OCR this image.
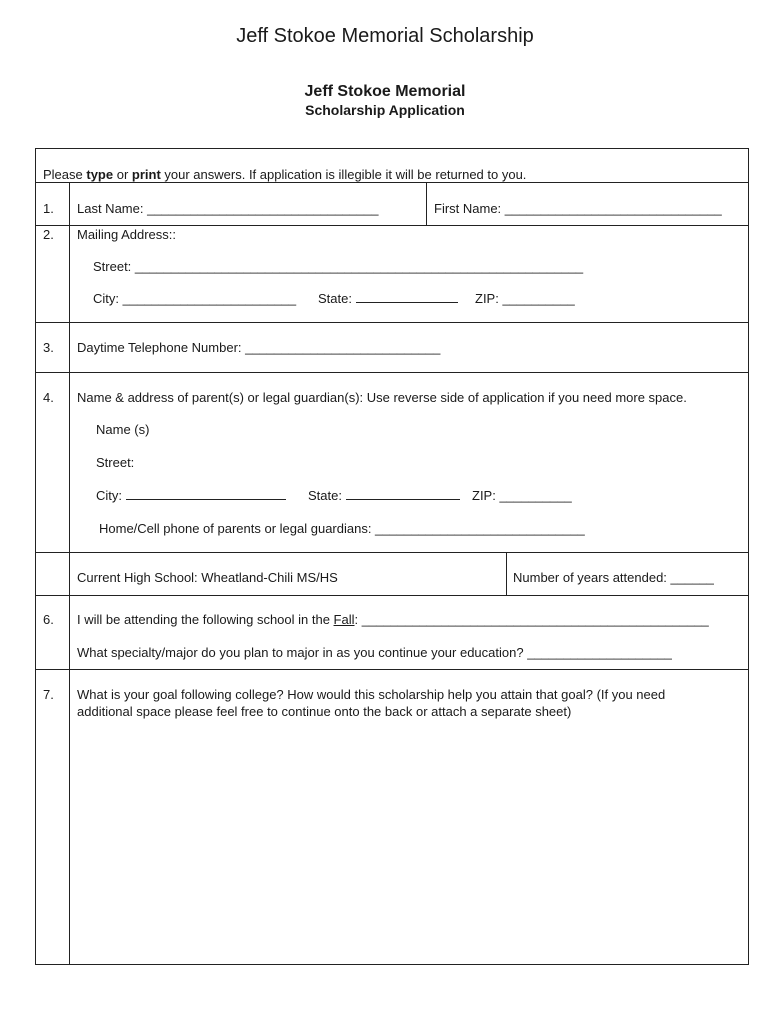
Jeff Stokoe Memorial Scholarship
Jeff Stokoe Memorial
Scholarship Application
Please type or print your answers. If application is illegible it will be returned to you.
1. Last Name: ________________________________	First Name: ______________________________
2. Mailing Address::
Street: ______________________________________________________________
City: ________________________ State:	ZIP: __________
3. Daytime Telephone Number: ___________________________
4. Name & address of parent(s) or legal guardian(s): Use reverse side of application if you need more space.
Name (s)
Street:
City:	State:	ZIP: __________
Home/Cell phone of parents or legal guardians: _____________________________
Current High School: Wheatland-Chili MS/HS	Number of years attended: ______
6. I will be attending the following school in the Fall: ________________________________________________
What specialty/major do you plan to major in as you continue your education? ____________________
7. What is your goal following college? How would this scholarship help you attain that goal? (If you need
additional space please feel free to continue onto the back or attach a separate sheet)
